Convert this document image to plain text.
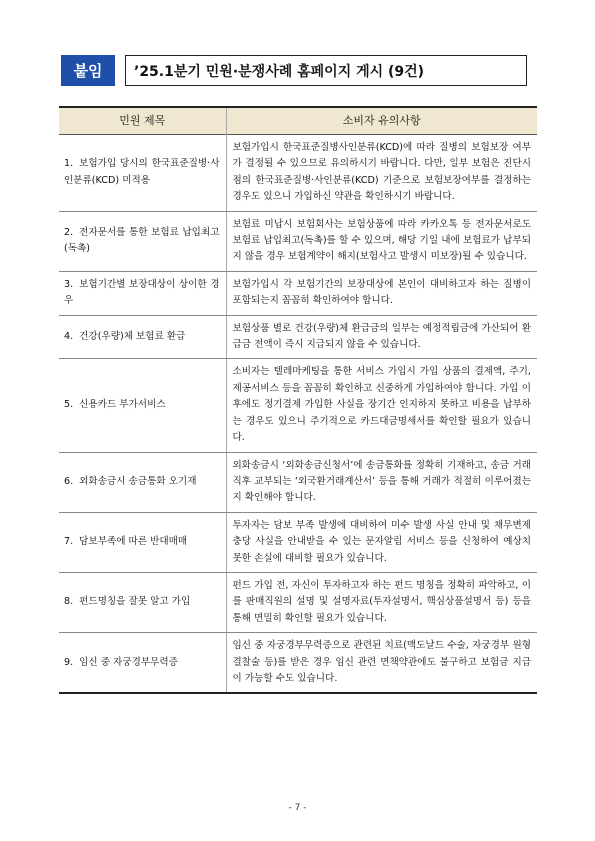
붙임	’25.1분기 민원·분쟁사례 홈페이지 게시 (9건)
민원 제목	소비자 유의사항
1. 보험가입 당시의 한국표준질병·사인분류(KCD) 미적용	보험가입시 한국표준질병사인분류(KCD)에 따라 질병의 보험보장 여부가 결정될 수 있으므로 유의하시기 바랍니다. 다만, 일부 보험은 진단시점의 한국표준질병·사인분류(KCD) 기준으로 보험보장여부를 결정하는 경우도 있으니 가입하신 약관을 확인하시기 바랍니다.
2. 전자문서를 통한 보험료 납입최고(독촉)	보험료 미납시 보험회사는 보험상품에 따라 카카오톡 등 전자문서로도 보험료 납입최고(독촉)를 할 수 있으며, 해당 기일 내에 보험료가 납부되지 않을 경우 보험계약이 해지(보험사고 발생시 미보장)될 수 있습니다.
3. 보험기간별 보장대상이 상이한 경우	보험가입시 각 보험기간의 보장대상에 본인이 대비하고자 하는 질병이 포함되는지 꼼꼼히 확인하여야 합니다.
4. 건강(우량)체 보험료 환급	보험상품 별로 건강(우량)체 환급금의 일부는 예정적립금에 가산되어 환급금 전액이 즉시 지급되지 않을 수 있습니다.
5. 신용카드 부가서비스	소비자는 텔레마케팅을 통한 서비스 가입시 가입 상품의 결제액, 주기, 제공서비스 등을 꼼꼼히 확인하고 신중하게 가입하여야 합니다. 가입 이후에도 정기결제 가입한 사실을 장기간 인지하지 못하고 비용을 납부하는 경우도 있으니 주기적으로 카드대금명세서를 확인할 필요가 있습니다.
6. 외화송금시 송금통화 오기재	외화송금시 ‘외화송금신청서’에 송금통화를 정확히 기재하고, 송금 거래 직후 교부되는 ‘외국환거래계산서’ 등을 통해 거래가 적절히 이루어졌는지 확인해야 합니다.
7. 담보부족에 따른 반대매매	투자자는 담보 부족 발생에 대비하여 미수 발생 사실 안내 및 채무변제 충당 사실을 안내받을 수 있는 문자알림 서비스 등을 신청하여 예상치 못한 손실에 대비할 필요가 있습니다.
8. 펀드명칭을 잘못 알고 가입	펀드 가입 전, 자신이 투자하고자 하는 펀드 명칭을 정확히 파악하고, 이를 판매직원의 설명 및 설명자료(투자설명서, 핵심상품설명서 등) 등을 통해 면밀히 확인할 필요가 있습니다.
9. 임신 중 자궁경부무력증	임신 중 자궁경부무력증으로 관련된 치료(맥도날드 수술, 자궁경부 원형결찰술 등)를 받은 경우 임신 관련 면책약관에도 불구하고 보험금 지급이 가능할 수도 있습니다.
- 7 -
